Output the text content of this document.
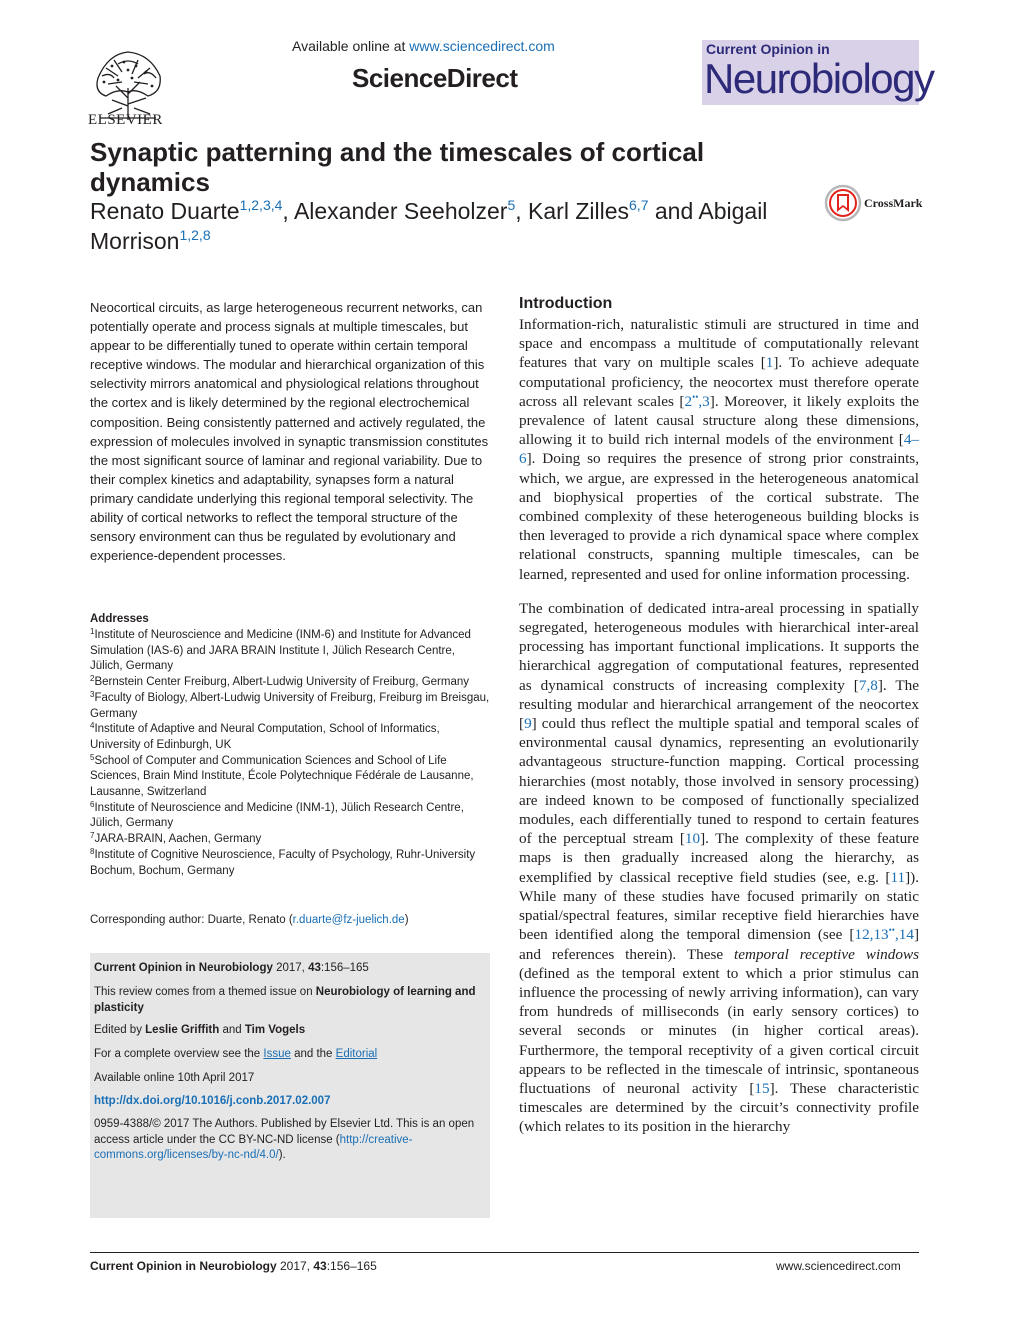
ELSEVIER
Available online at www.sciencedirect.com
ScienceDirect
Current Opinion in
Neurobiology
Synaptic patterning and the timescales of cortical dynamics
Renato Duarte$^{1,2,3,4}$, Alexander Seeholzer$^5$, Karl Zilles$^{6,7}$ and Abigail Morrison$^{1,2,8}$
CrossMark
Neocortical circuits, as large heterogeneous recurrent networks, can potentially operate and process signals at multiple timescales, but appear to be differentially tuned to operate within certain temporal receptive windows. The modular and hierarchical organization of this selectivity mirrors anatomical and physiological relations throughout the cortex and is likely determined by the regional electrochemical composition. Being consistently patterned and actively regulated, the expression of molecules involved in synaptic transmission constitutes the most significant source of laminar and regional variability. Due to their complex kinetics and adaptability, synapses form a natural primary candidate underlying this regional temporal selectivity. The ability of cortical networks to reflect the temporal structure of the sensory environment can thus be regulated by evolutionary and experience-dependent processes.
Addresses

$^1$Institute of Neuroscience and Medicine (INM-6) and Institute for Advanced Simulation (IAS-6) and JARA BRAIN Institute I, Jülich Research Centre, Jülich, Germany

$^2$Bernstein Center Freiburg, Albert-Ludwig University of Freiburg, Germany

$^3$Faculty of Biology, Albert-Ludwig University of Freiburg, Freiburg im Breisgau, Germany

$^4$Institute of Adaptive and Neural Computation, School of Informatics, University of Edinburgh, UK

$^5$School of Computer and Communication Sciences and School of Life Sciences, Brain Mind Institute, École Polytechnique Fédérale de Lausanne, Lausanne, Switzerland

$^6$Institute of Neuroscience and Medicine (INM-1), Jülich Research Centre, Jülich, Germany

$^7$JARA-BRAIN, Aachen, Germany

$^8$Institute of Cognitive Neuroscience, Faculty of Psychology, Ruhr-University Bochum, Bochum, Germany

Corresponding author: Duarte, Renato (r.duarte@fz-juelich.de)
Current Opinion in Neurobiology 2017, 43:156–165
This review comes from a themed issue on Neurobiology of learning and plasticity
Edited by Leslie Griffith and Tim Vogels
For a complete overview see the Issue and the Editorial
Available online 10th April 2017
http://dx.doi.org/10.1016/j.conb.2017.02.007
0959-4388/© 2017 The Authors. Published by Elsevier Ltd. This is an open access article under the CC BY-NC-ND license (http://creative-commons.org/licenses/by-nc-nd/4.0/).
Introduction

Information-rich, naturalistic stimuli are structured in time and space and encompass a multitude of computationally relevant features that vary on multiple scales [1]. To achieve adequate computational proficiency, the neocortex must therefore operate across all relevant scales [2••,3]. Moreover, it likely exploits the prevalence of latent causal structure along these dimensions, allowing it to build rich internal models of the environment [4–6]. Doing so requires the presence of strong prior constraints, which, we argue, are expressed in the heterogeneous anatomical and biophysical properties of the cortical substrate. The combined complexity of these heterogeneous building blocks is then leveraged to provide a rich dynamical space where complex relational constructs, spanning multiple timescales, can be learned, represented and used for online information processing.

The combination of dedicated intra-areal processing in spatially segregated, heterogeneous modules with hierarchical inter-areal processing has important functional implications. It supports the hierarchical aggregation of computational features, represented as dynamical constructs of increasing complexity [7,8]. The resulting modular and hierarchical arrangement of the neocortex [9] could thus reflect the multiple spatial and temporal scales of environmental causal dynamics, representing an evolutionarily advantageous structure-function mapping. Cortical processing hierarchies (most notably, those involved in sensory processing) are indeed known to be composed of functionally specialized modules, each differentially tuned to respond to certain features of the perceptual stream [10]. The complexity of these feature maps is then gradually increased along the hierarchy, as exemplified by classical receptive field studies (see, e.g. [11]). While many of these studies have focused primarily on static spatial/spectral features, similar receptive field hierarchies have been identified along the temporal dimension (see [12,13••,14] and references therein). These temporal receptive windows (defined as the temporal extent to which a prior stimulus can influence the processing of newly arriving information), can vary from hundreds of milliseconds (in early sensory cortices) to several seconds or minutes (in higher cortical areas). Furthermore, the temporal receptivity of a given cortical circuit appears to be reflected in the timescale of intrinsic, spontaneous fluctuations of neuronal activity [15]. These characteristic timescales are determined by the circuit’s connectivity profile (which relates to its position in the hierarchy

Current Opinion in Neurobiology 2017, 43:156–165	www.sciencedirect.com
